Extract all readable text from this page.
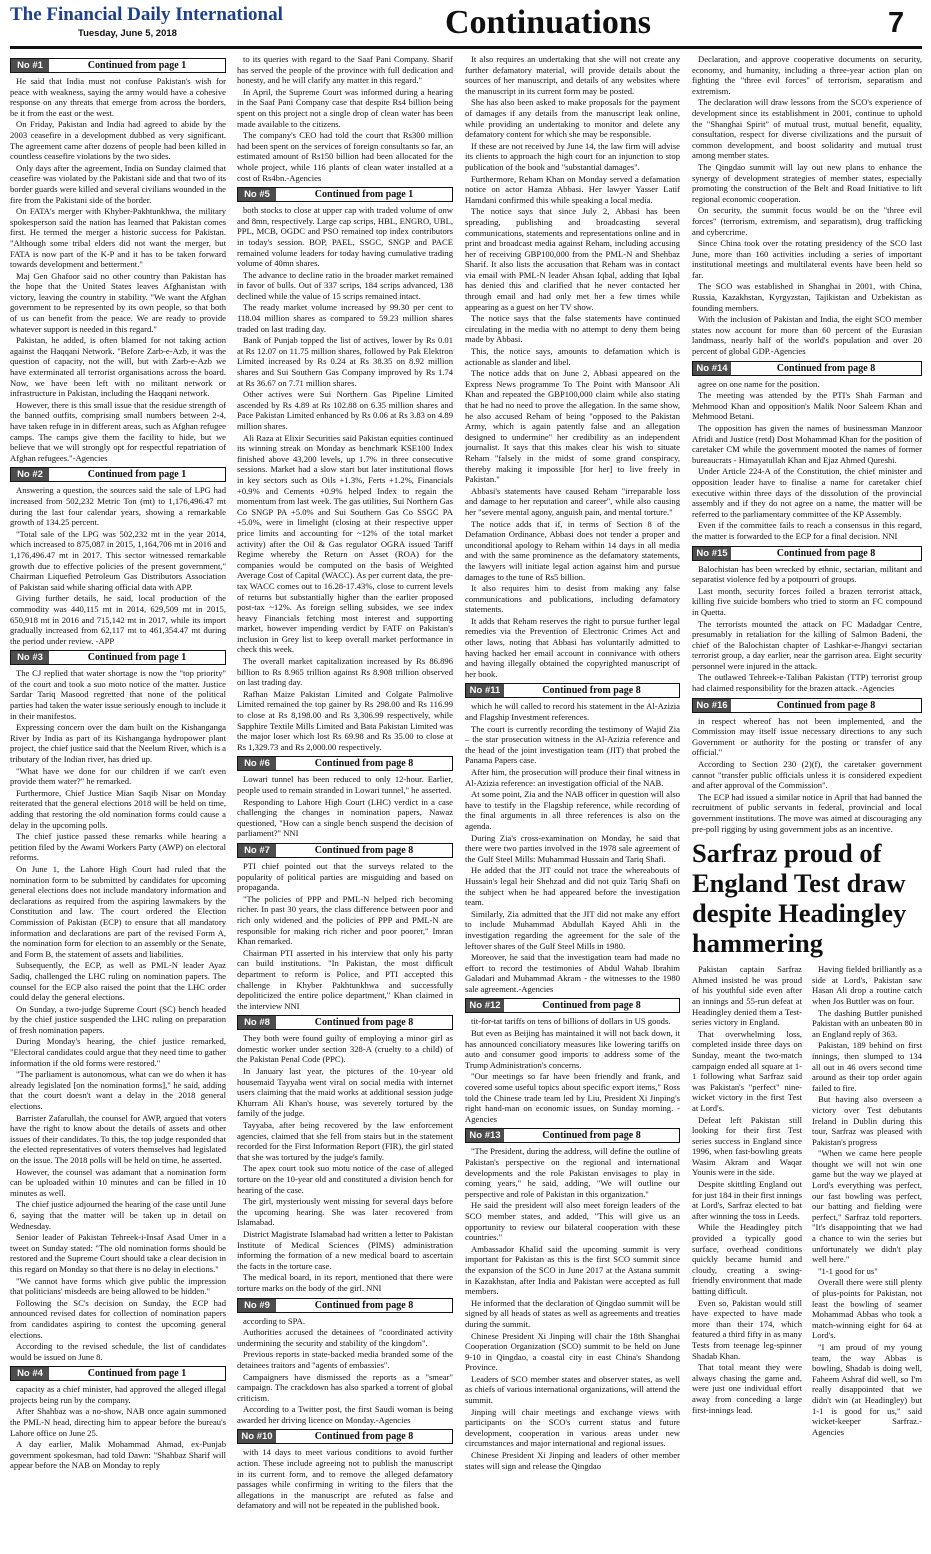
The Financial Daily International
Tuesday, June 5, 2018	Continuations	7
No #1	Continued from page 1

He said that India must not confuse Pakistan's wish for peace with weakness, saying the army would have a cohesive response on any threats that emerge from across the borders, be it from the east or the west.

On Friday, Pakistan and India had agreed to abide by the 2003 ceasefire in a development dubbed as very significant. The agreement came after dozens of people had been killed in countless ceasefire violations by the two sides.

Only days after the agreement, India on Sunday claimed that ceasefire was violated by the Pakistani side and that two of its border guards were killed and several civilians wounded in the fire from the Pakistani side of the border.

On FATA's merger with Khyber-Pakhtunkhwa, the military spokesperson said the nation has learned that Pakistan comes first. He termed the merger a historic success for Pakistan. "Although some tribal elders did not want the merger, but FATA is now part of the K-P and it has to be taken forward towards development and betterment."

Maj Gen Ghafoor said no other country than Pakistan has the hope that the United States leaves Afghanistan with victory, leaving the country in stability. "We want the Afghan government to be represented by its own people, so that both of us can benefit from the peace. We are ready to provide whatever support is needed in this regard."

Pakistan, he added, is often blamed for not taking action against the Haqqani Network. "Before Zarb-e-Azb, it was the question of capacity, not the will, but with Zarb-e-Azb we have exterminated all terrorist organisations across the board. Now, we have been left with no militant network or infrastructure in Pakistan, including the Haqqani network.

However, there is this small issue that the residue strength of the banned outfits, comprising small numbers between 2-4, have taken refuge in in different areas, such as Afghan refugee camps. The camps give them the facility to hide, but we believe that we will strongly opt for respectful repatriation of Afghan refugees."-Agencies

No #2	Continued from page 1

Answering a question, the sources said the sale of LPG had increased from 502,232 Metric Ton (mt) to 1,176,496.47 mt during the last four calendar years, showing a remarkable growth of 134.25 percent.

"Total sale of the LPG was 502,232 mt in the year 2014, which increased to 875,087 in 2015, 1,164,706 mt in 2016 and 1,176,496.47 mt in 2017. This sector witnessed remarkable growth due to effective policies of the present government," Chairman Liquefied Petroleum Gas Distributors Association of Pakistan said while sharing official data with APP.

Giving further details, he said, local production of the commodity was 440,115 mt in 2014, 629,509 mt in 2015, 650,918 mt in 2016 and 715,142 mt in 2017, while its import gradually increased from 62,117 mt to 461,354.47 mt during the period under review. -APP

No #3	Continued from page 1

The CJ replied that water shortage is now the "top priority" of the court and took a suo moto notice of the matter. Justice Sardar Tariq Masood regretted that none of the political parties had taken the water issue seriously enough to include it in their manifestos.

Expressing concern over the dam built on the Kishanganga River by India as part of its Kishanganga hydropower plant project, the chief justice said that the Neelum River, which is a tributary of the Indian river, has dried up.

"What have we done for our children if we can't even provide them water?" he remarked.

Furthermore, Chief Justice Mian Saqib Nisar on Monday reiterated that the general elections 2018 will be held on time, adding that restoring the old nomination forms could cause a delay in the upcoming polls.

The chief justice passed these remarks while hearing a petition filed by the Awami Workers Party (AWP) on electoral reforms.

On June 1, the Lahore High Court had ruled that the nomination form to be submitted by candidates for upcoming general elections does not include mandatory information and declarations as required from the aspiring lawmakers by the Constitution and law. The court ordered the Election Commission of Pakistan (ECP) to ensure that all mandatory information and declarations are part of the revised Form A, the nomination form for election to an assembly or the Senate, and Form B, the statement of assets and liabilities.

Subsequently, the ECP, as well as PML-N leader Ayaz Sadiq, challenged the LHC ruling on nomination papers. The counsel for the ECP also raised the point that the LHC order could delay the general elections.

On Sunday, a two-judge Supreme Court (SC) bench headed by the chief justice suspended the LHC ruling on preparation of fresh nomination papers.

During Monday's hearing, the chief justice remarked, "Electoral candidates could argue that they need time to gather information if the old forms were restored."

"The parliament is autonomous, what can we do when it has already legislated [on the nomination forms]," he said, adding that the court doesn't want a delay in the 2018 general elections.

Barrister Zafarullah, the counsel for AWP, argued that voters have the right to know about the details of assets and other issues of their candidates. To this, the top judge responded that the elected representatives of voters themselves had legislated on the issue. The 2018 polls will be held on time, he asserted.

However, the counsel was adamant that a nomination form can be uploaded within 10 minutes and can be filled in 10 minutes as well.

The chief justice adjourned the hearing of the case until June 6, saying that the matter will be taken up in detail on Wednesday.

Senior leader of Pakistan Tehreek-i-Insaf Asad Umer in a tweet on Sunday stated: "The old nomination forms should be restored and the Supreme Court should take a clear decision in this regard on Monday so that there is no delay in elections."

"We cannot have forms which give public the impression that politicians' misdeeds are being allowed to be hidden."

Following the SC's decision on Sunday, the ECP had announced revised dates for collection of nomination papers from candidates aspiring to contest the upcoming general elections.

According to the revised schedule, the list of candidates would be issued on June 8.

No #4	Continued from page 1

capacity as a chief minister, had approved the alleged illegal projects being run by the company.

After Shahbaz was a no-show, NAB once again summoned the PML-N head, directing him to appear before the bureau's Lahore office on June 25.

A day earlier, Malik Mohammad Ahmad, ex-Punjab government spokesman, had told Dawn: "Shahbaz Sharif will appear before the NAB on Monday to reply

to its queries with regard to the Saaf Pani Company. Sharif has served the people of the province with full dedication and honesty, and he will clarify any matter in this regard."

In April, the Supreme Court was informed during a hearing in the Saaf Pani Company case that despite Rs4 billion being spent on this project not a single drop of clean water has been made available to the citizens.

The company's CEO had told the court that Rs300 million had been spent on the services of foreign consultants so far, an estimated amount of Rs150 billion had been allocated for the whole project, while 116 plants of clean water installed at a cost of Rs4bn.-Agencies

No #5	Continued from page 1

both stocks to close at upper cap with traded volume of onw and 8mn, respectively. Large cap scrips, HBL, ENGRO, UBL, PPL, MCB, OGDC and PSO remained top index contributors in today's session. BOP, PAEL, SSGC, SNGP and PACE remained volume leaders for today having cumulative trading volume of 40mn shares.

The advance to decline ratio in the broader market remained in favor of bulls. Out of 337 scrips, 184 scrips advanced, 138 declined while the value of 15 scrips remained intact.

The ready market volume increased by 99.30 per cent to 118.04 million shares as compared to 59.23 million shares traded on last trading day.

Bank of Punjab topped the list of actives, lower by Rs 0.01 at Rs 12.07 on 11.75 million shares, followed by Pak Elektron Limited increased by Rs 0.24 at Rs 38.35 on 8.92 million shares and Sui Southern Gas Company improved by Rs 1.74 at Rs 36.67 on 7.71 million shares.

Other actives were Sui Northern Gas Pipeline Limited ascended by Rs 4.89 at Rs 102.88 on 6.35 million shares and Pace Pakistan Limited enhanced by Rs 0.06 at Rs 3.83 on 4.89 million shares.

Ali Raza at Elixir Securities said Pakistan equities continued its winning streak on Monday as benchmark KSE100 Index finished above 43,200 levels, up 1.7% in three consecutive sessions. Market had a slow start but later institutional flows in key sectors such as Oils +1.3%, Ferts +1.2%, Financials +0.9% and Cements +0.9% helped Index to regain the momentum from last week. The gas utilities, Sui Northern Gas Co SNGP PA +5.0% and Sui Southern Gas Co SSGC PA +5.0%, were in limelight (closing at their respective upper price limits and accounting for ~12% of the total market activity) after the Oil & Gas regulator OGRA issued Tariff Regime whereby the Return on Asset (ROA) for the companies would be computed on the basis of Weighted Average Cost of Capital (WACC). As per current data, the pre-tax WACC comes out to 16.28-17.43%, close to current levels of returns but substantially higher than the earlier proposed post-tax ~12%. As foreign selling subsides, we see index heavy Financials fetching most interest and supporting market, however impending verdict by FATF on Pakistan's inclusion in Grey list to keep overall market performance in check this week.

The overall market capitalization increased by Rs 86.896 billion to Rs 8.965 trillion against Rs 8.908 trillion observed on last trading day.

Rafhan Maize Pakistan Limited and Colgate Palmolive Limited remained the top gainer by Rs 298.00 and Rs 116.99 to close at Rs 8,198.00 and Rs 3,306.99 respectively, while Sapphire Textile Mills Limited and Bata Pakistan Limited was the major loser which lost Rs 69.98 and Rs 35.00 to close at Rs 1,329.73 and Rs 2,000.00 respectively.

No #6	Continued from page 8

Lowari tunnel has been reduced to only 12-hour. Earlier, people used to remain stranded in Lowari tunnel," he asserted.

Responding to Lahore High Court (LHC) verdict in a case challenging the changes in nomination papers, Nawaz questioned, "How can a single bench suspend the decision of parliament?" NNI

No #7	Continued from page 8

PTI chief pointed out that the surveys related to the popularity of political parties are misguiding and based on propaganda.

"The policies of PPP and PML-N helped rich becoming richer. In past 30 years, the class difference between poor and rich only widened and the policies of PPP and PML-N are responsible for making rich richer and poor poorer," Imran Khan remarked.

Chairman PTI asserted in his interview that only his party can build institutions. "In Pakistan, the most difficult department to reform is Police, and PTI accepted this challenge in Khyber Pakhtunkhwa and successfully depoliticized the entire police department," Khan claimed in the interview NNI

No #8	Continued from page 8

They both were found guilty of employing a minor girl as domestic worker under section 328-A (cruelty to a child) of the Pakistan Penal Code (PPC).

In January last year, the pictures of the 10-year old housemaid Tayyaba went viral on social media with internet users claiming that the maid works at additional session judge Khurram Ali Khan's house, was severely tortured by the family of the judge.

Tayyaba, after being recovered by the law enforcement agencies, claimed that she fell from stairs but in the statement recorded for the First Information Report (FIR), the girl stated that she was tortured by the judge's family.

The apex court took suo motu notice of the case of alleged torture on the 10-year old and constituted a division bench for hearing of the case.

The girl, mysteriously went missing for several days before the upcoming hearing. She was later recovered from Islamabad.

District Magistrate Islamabad had written a letter to Pakistan Institute of Medical Sciences (PIMS) administration informing the formation of a new medical board to ascertain the facts in the torture case.

The medical board, in its report, mentioned that there were torture marks on the body of the girl. NNI

No #9	Continued from page 8

according to SPA.

Authorities accused the detainees of "coordinated activity undermining the security and stability of the kingdom".

Previous reports in state-backed media branded some of the detainees traitors and "agents of embassies".

Campaigners have dismissed the reports as a "smear" campaign. The crackdown has also sparked a torrent of global criticism.

According to a Twitter post, the first Saudi woman is being awarded her driving licence on Monday.-Agencies

No #10	Continued from page 8

with 14 days to meet various conditions to avoid further action. These include agreeing not to publish the manuscript in its current form, and to remove the alleged defamatory passages while confirming in writing to the filers that the allegations in the manuscript are refuted as false and defamatory and will not be repeated in the published book.

It also requires an undertaking that she will not create any further defamatory material, will provide details about the sources of her manuscript, and details of any websites where the manuscript in its current form may be posted.

She has also been asked to make proposals for the payment of damages if any details from the manuscript leak online, while providing an undertaking to monitor and delete any defamatory content for which she may be responsible.

If these are not received by June 14, the law firm will advise its clients to approach the high court for an injunction to stop publication of the book and "substantial damages".

Furthermore, Reham Khan on Monday served a defamation notice on actor Hamza Abbasi. Her lawyer Yasser Latif Hamdani confirmed this while speaking a local media.

The notice says that since July 2, Abbasi has been spreading, publishing and broadcasting several communications, statements and representations online and in print and broadcast media against Reham, including accusing her of receiving GBP100,000 from the PML-N and Shehbaz Sharif. It also lists the accusation that Reham was in contact via email with PML-N leader Ahsan Iqbal, adding that Iqbal has denied this and clarified that he never contacted her through email and had only met her a few times while appearing as a guest on her TV show.

The notice says that the false statements have continued circulating in the media with no attempt to deny them being made by Abbasi.

This, the notice says, amounts to defamation which is actionable as slander and libel.

The notice adds that on June 2, Abbasi appeared on the Express News programme To The Point with Mansoor Ali Khan and repeated the GBP100,000 claim while also stating that he had no need to prove the allegation. In the same show, he also accused Reham of being "opposed to the Pakistan Army, which is again patently false and an allegation designed to undermine" her credibility as an independent journalist. It says that this makes clear his wish to situate Reham "falsely in the midst of some grand conspiracy, thereby making it impossible [for her] to live freely in Pakistan."

Abbasi's statements have caused Reham "irreparable loss and damage to her reputation and career", while also causing her "severe mental agony, anguish pain, and mental torture."

The notice adds that if, in terms of Section 8 of the Defamation Ordinance, Abbasi does not tender a proper and unconditional apology to Reham within 14 days in all media and with the same prominence as the defamatory statements, the lawyers will initiate legal action against him and pursue damages to the tune of Rs5 billion.

It also requires him to desist from making any false communications and publications, including defamatory statements.

It adds that Reham reserves the right to pursue further legal remedies via the Prevention of Electronic Crimes Act and other laws, noting that Abbasi has voluntarily admitted to having hacked her email account in connivance with others and having illegally obtained the copyrighted manuscript of her book.

No #11	Continued from page 8

which he will called to record his statement in the Al-Azizia and Flagship Investment references.

The court is currently recording the testimony of Wajid Zia – the star prosecution witness in the Al-Azizia reference and the head of the joint investigation team (JIT) that probed the Panama Papers case.

After him, the prosecution will produce their final witness in Al-Azizia reference: an investigation official of the NAB.

At some point, Zia and the NAB officer in question will also have to testify in the Flagship reference, while recording of the final arguments in all three references is also on the agenda.

During Zia's cross-examination on Monday, he said that there were two parties involved in the 1978 sale agreement of the Gulf Steel Mills: Muhammad Hussain and Tariq Shafi.

He added that the JIT could not trace the whereabouts of Hussain's legal heir Shehzad and did not quiz Tariq Shafi on the subject when he had appeared before the investigation team.

Similarly, Zia admitted that the JIT did not make any effort to include Muhammad Abdullah Kayed Ahli in the investigation regarding the agreement for the sale of the leftover shares of the Gulf Steel Mills in 1980.

Moreover, he said that the investigation team had made no effort to record the testimonies of Abdul Wahab Ibrahim Galadari and Muhammad Akram - the witnesses to the 1980 sale agreement.-Agencies

No #12	Continued from page 8

tit-for-tat tariffs on tens of billions of dollars in US goods.

But even as Beijing has maintained it will not back down, it has announced conciliatory measures like lowering tariffs on auto and consumer good imports to address some of the Trump Administration's concerns.

"Our meetings so far have been friendly and frank, and covered some useful topics about specific export items," Ross told the Chinese trade team led by Liu, President Xi Jinping's right hand-man on economic issues, on Sunday morning. -Agencies

No #13	Continued from page 8

"The President, during the address, will define the outline of Pakistan's perspective on the regional and international developments and the role Pakistan envisages to play in coming years," he said, adding, "We will outline our perspective and role of Pakistan in this organization."

He said the president will also meet foreign leaders of the SCO member states, and added, "This will give us an opportunity to review our bilateral cooperation with these countries."

Ambassador Khalid said the upcoming summit is very important for Pakistan as this is the first SCO summit since the expansion of the SCO in June 2017 at the Astana summit in Kazakhstan, after India and Pakistan were accepted as full members.

He informed that the declaration of Qingdao summit will be signed by all heads of states as well as agreements and treaties during the summit.

Chinese President Xi Jinping will chair the 18th Shanghai Cooperation Organization (SCO) summit to be held on June 9-10 in Qingdao, a coastal city in east China's Shandong Province.

Leaders of SCO member states and observer states, as well as chiefs of various international organizations, will attend the summit.

Jinping will chair meetings and exchange views with participants on the SCO's current status and future development, cooperation in various areas under new circumstances and major international and regional issues.

Chinese President Xi Jinping and leaders of other member states will sign and release the Qingdao

Declaration, and approve cooperative documents on security, economy, and humanity, including a three-year action plan on fighting the "three evil forces" of terrorism, separatism and extremism.

The declaration will draw lessons from the SCO's experience of development since its establishment in 2001, continue to uphold the "Shanghai Spirit" of mutual trust, mutual benefit, equality, consultation, respect for diverse civilizations and the pursuit of common development, and boost solidarity and mutual trust among member states.

The Qingdao summit will lay out new plans to enhance the synergy of development strategies of member states, especially promoting the construction of the Belt and Road Initiative to lift regional economic cooperation.

On security, the summit focus would be on the "three evil forces" (terrorism, extremism, and separatism), drug trafficking and cybercrime.

Since China took over the rotating presidency of the SCO last June, more than 160 activities including a series of important institutional meetings and multilateral events have been held so far.

The SCO was established in Shanghai in 2001, with China, Russia, Kazakhstan, Kyrgyzstan, Tajikistan and Uzbekistan as founding members.

With the inclusion of Pakistan and India, the eight SCO member states now account for more than 60 percent of the Eurasian landmass, nearly half of the world's population and over 20 percent of global GDP.-Agencies

No #14	Continued from page 8

agree on one name for the position.

The meeting was attended by the PTI's Shah Farman and Mehmood Khan and opposition's Malik Noor Saleem Khan and Mehmood Betani.

The opposition has given the names of businessman Manzoor Afridi and Justice (retd) Dost Mohammad Khan for the position of caretaker CM while the government mooted the names of former bureaucrats - Himayatullah Khan and Ejaz Ahmed Qureshi.

Under Article 224-A of the Constitution, the chief minister and opposition leader have to finalise a name for caretaker chief executive within three days of the dissolution of the provincial assembly and if they do not agree on a name, the matter will be referred to the parliamentary committee of the KP Assembly.

Even if the committee fails to reach a consensus in this regard, the matter is forwarded to the ECP for a final decision. NNI

No #15	Continued from page 8

Balochistan has been wrecked by ethnic, sectarian, militant and separatist violence fed by a potpourri of groups.

Last month, security forces foiled a brazen terrorist attack, killing five suicide bombers who tried to storm an FC compound in Quetta.

The terrorists mounted the attack on FC Madadgar Centre, presumably in retaliation for the killing of Salmon Badeni, the chief of the Balochistan chapter of Lashkar-e-Jhangvi sectarian terrorist group, a day earlier, near the garrison area. Eight security personnel were injured in the attack.

The outlawed Tehreek-e-Taliban Pakistan (TTP) terrorist group had claimed responsibility for the brazen attack. -Agencies

No #16	Continued from page 8

in respect whereof has not been implemented, and the Commission may itself issue necessary directions to any such Government or authority for the posting or transfer of any official."

According to Section 230 (2)(f), the caretaker government cannot "transfer public officials unless it is considered expedient and after approval of the Commission".

The ECP had issued a similar notice in April that had banned the recruitment of public servants in federal, provincial and local government institutions. The move was aimed at discouraging any pre-poll rigging by using government jobs as an incentive.

Sarfraz proud of England Test draw despite Headingley hammering

Pakistan captain Sarfraz Ahmed insisted he was proud of his youthful side even after an innings and 55-run defeat at Headingley denied them a Test-series victory in England.

That overwhelming loss, completed inside three days on Sunday, meant the two-match campaign ended all square at 1-1 following what Sarfraz said was Pakistan's "perfect" nine-wicket victory in the first Test at Lord's.

Defeat left Pakistan still looking for their first Test series success in England since 1996, when fast-bowling greats Wasim Akram and Waqar Younis were in the side.

Despite skittling England out for just 184 in their first innings at Lord's, Sarfraz elected to bat after winning the toss in Leeds.

While the Headingley pitch provided a typically good surface, overhead conditions quickly became humid and cloudy, creating a swing-friendly environment that made batting difficult.

Even so, Pakistan would still have expected to have made more than their 174, which featured a third fifty in as many Tests from teenage leg-spinner Shadab Khan.

That total meant they were always chasing the game and, were just one individual effort away from conceding a large first-innings lead.

Having fielded brilliantly as a side at Lord's, Pakistan saw Hasan Ali drop a routine catch when Jos Buttler was on four.

The dashing Buttler punished Pakistan with an unbeaten 80 in an England reply of 363.

Pakistan, 189 behind on first innings, then slumped to 134 all out in 46 overs second time around as their top order again failed to fire.

But having also overseen a victory over Test debutants Ireland in Dublin during this tour, Sarfraz was pleased with Pakistan's progress

"When we came here people thought we will not win one game but the way we played at Lord's everything was perfect, our fast bowling was perfect, our batting and fielding were perfect," Sarfraz told reporters. "It's disappointing that we had a chance to win the series but unfortunately we didn't play well here."

"1-1 good for us"

Overall there were still plenty of plus-points for Pakistan, not least the bowling of seamer Mohammad Abbas who took a match-winning eight for 64 at Lord's.

"I am proud of my young team, the way Abbas is bowling, Shadab is doing well, Faheem Ashraf did well, so I'm really disappointed that we didn't win (at Headingley) but 1-1 is good for us," said wicket-keeper Sarfraz.-Agencies
